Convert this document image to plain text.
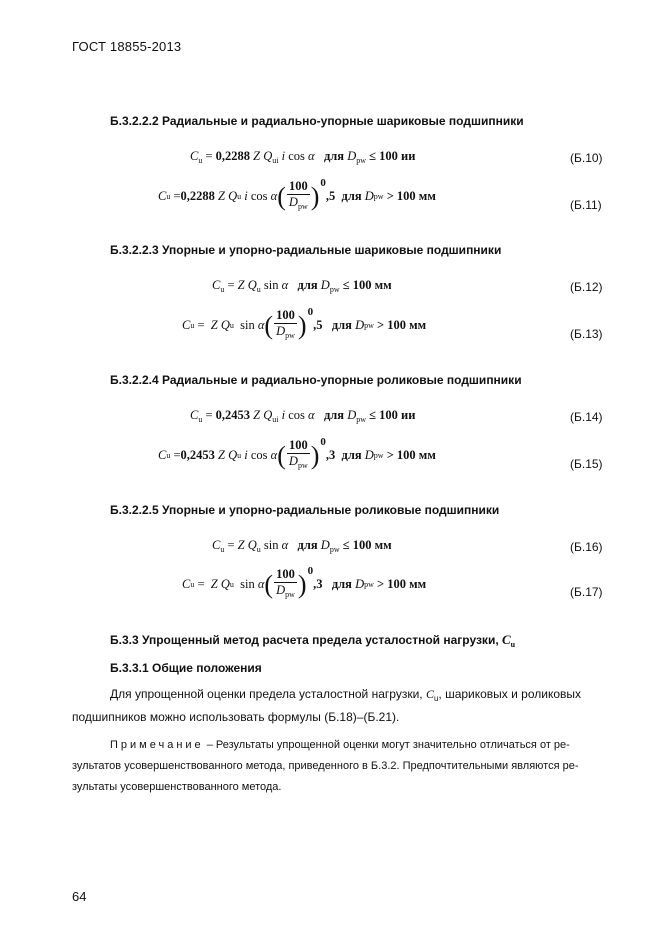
ГОСТ 18855-2013
Б.3.2.2.2 Радиальные и радиально-упорные шариковые подшипники
$C_u = 0,2288$ Z $Q_{ui}$ i cos α для $D_{pw} \le 100$ ии	(Б.10)
C u = 0,2288
Z Q u
i cos α ( $\frac{100}{D_{pw}}$ ) 0
,5
для
D pw
> 100 мм
(Б.11)
Б.3.2.2.3 Упорные и упорно-радиальные шариковые подшипники
$C_u = Z$ $Q_u$ sin α для $D_{pw} \le 100$ мм	(Б.12)
C u = Z Q u sin α ( $\frac{100}{D_{pw}}$ ) 0
,5
для
D pw
> 100 мм
(Б.13)
Б.3.2.2.4 Радиальные и радиально-упорные роликовые подшипники
$C_u = 0,2453$ Z $Q_{ui}$ i cos α для $D_{pw} \le 100$ ии	(Б.14)
C u = 0,2453
Z Q u
i cos α ( $\frac{100}{D_{pw}}$ ) 0
,3
для
D pw
> 100 мм
(Б.15)
Б.3.2.2.5 Упорные и упорно-радиальные роликовые подшипники
$C_u = Z$ $Q_u$ sin α для $D_{pw} \le 100$ мм	(Б.16)
C u = Z Q u sin α ( $\frac{100}{D_{pw}}$ ) 0
,3
для
D pw
> 100 мм
(Б.17)
Б.3.3 Упрощенный метод расчета предела усталостной нагрузки, $C_u$
Б.3.3.1 Общие положения
Для упрощенной оценки предела усталостной нагрузки, $C_u$, шариковых и роликовых
подшипников можно использовать формулы (Б.18)–(Б.21).
Примечание – Результаты упрощенной оценки могут значительно отличаться от ре-
зультатов усовершенствованного метода, приведенного в Б.3.2. Предпочтительными являются ре-
зультаты усовершенствованного метода.
64
